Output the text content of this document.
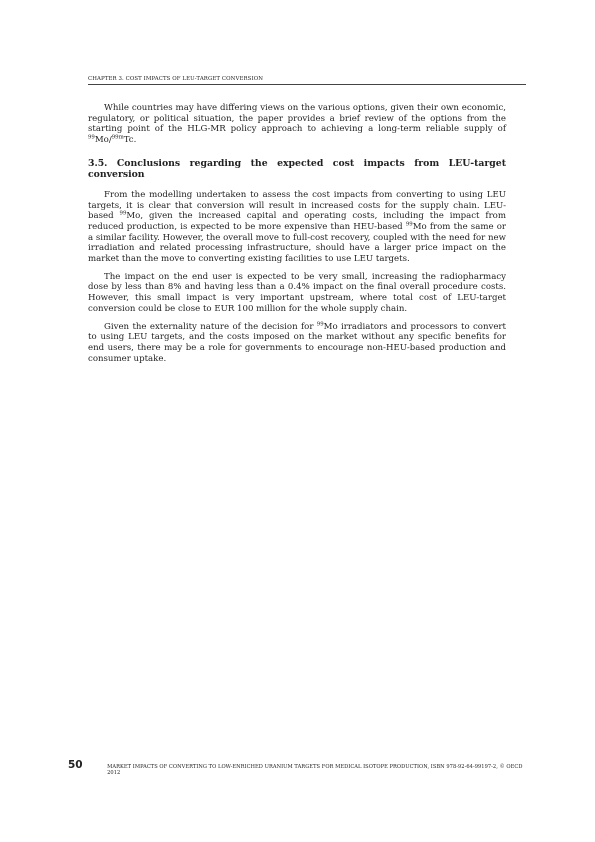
CHAPTER 3. COST IMPACTS OF LEU-TARGET CONVERSION

While countries may have differing views on the various options, given their own economic, regulatory, or political situation, the paper provides a brief review of the options from the starting point of the HLG-MR policy approach to achieving a long-term reliable supply of $^{99}$Mo/$^{99m}$Tc.

3.5. Conclusions regarding the expected cost impacts from LEU-target conversion

From the modelling undertaken to assess the cost impacts from converting to using LEU targets, it is clear that conversion will result in increased costs for the supply chain. LEU-based $^{99}$Mo, given the increased capital and operating costs, including the impact from reduced production, is expected to be more expensive than HEU-based $^{99}$Mo from the same or a similar facility. However, the overall move to full-cost recovery, coupled with the need for new irradiation and related processing infrastructure, should have a larger price impact on the market than the move to converting existing facilities to use LEU targets.

The impact on the end user is expected to be very small, increasing the radiopharmacy dose by less than 8% and having less than a 0.4% impact on the final overall procedure costs. However, this small impact is very important upstream, where total cost of LEU-target conversion could be close to EUR 100 million for the whole supply chain.

Given the externality nature of the decision for $^{99}$Mo irradiators and processors to convert to using LEU targets, and the costs imposed on the market without any specific benefits for end users, there may be a role for governments to encourage non-HEU-based production and consumer uptake.

50	MARKET IMPACTS OF CONVERTING TO LOW-ENRICHED URANIUM TARGETS FOR MEDICAL ISOTOPE PRODUCTION, ISBN 978-92-64-99197-2, © OECD 2012
